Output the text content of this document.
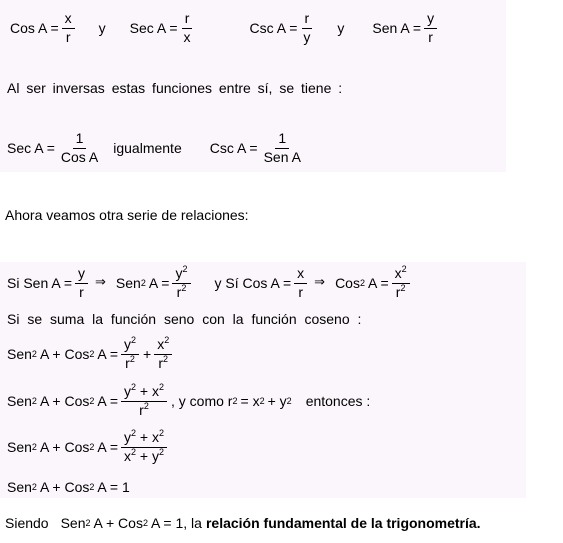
Cos $A = \frac{x}{r}$ y Sec $A = \frac{r}{x}$	Csc $A = \frac{r}{y}$ y Sen $A = \frac{y}{r}$
Al ser inversas estas funciones entre sí, se tiene :
Sec $A = \frac{1}{\text{Cos A}}$ igualmente Csc $A = \frac{1}{\text{Sen A}}$
Ahora veamos otra serie de relaciones:
Si Sen $A = \frac{y}{r}$ ⇒ Sen 2 $A = \frac{y^2}{r^2}$ y Sí Cos $A = \frac{x}{r}$ ⇒ Cos 2 $A = \frac{x^2}{r^2}$
Si se suma la función seno con la función coseno :
Sen 2 A + Cos 2 $A = \frac{y^2}{r^2} + \frac{x^2}{r^2}$
Sen 2 A + Cos 2 $A = \frac{y^2 + x^2}{r^2}$ , y como r 2 = x 2 + y 2 entonces :
Sen 2 A + Cos 2 $A = \frac{y^2 + x^2}{x^2 + y^2}$
Sen 2 A + Cos 2 A = 1
Siendo Sen 2 A + Cos 2 A = 1, la relación fundamental de la trigonometría.
